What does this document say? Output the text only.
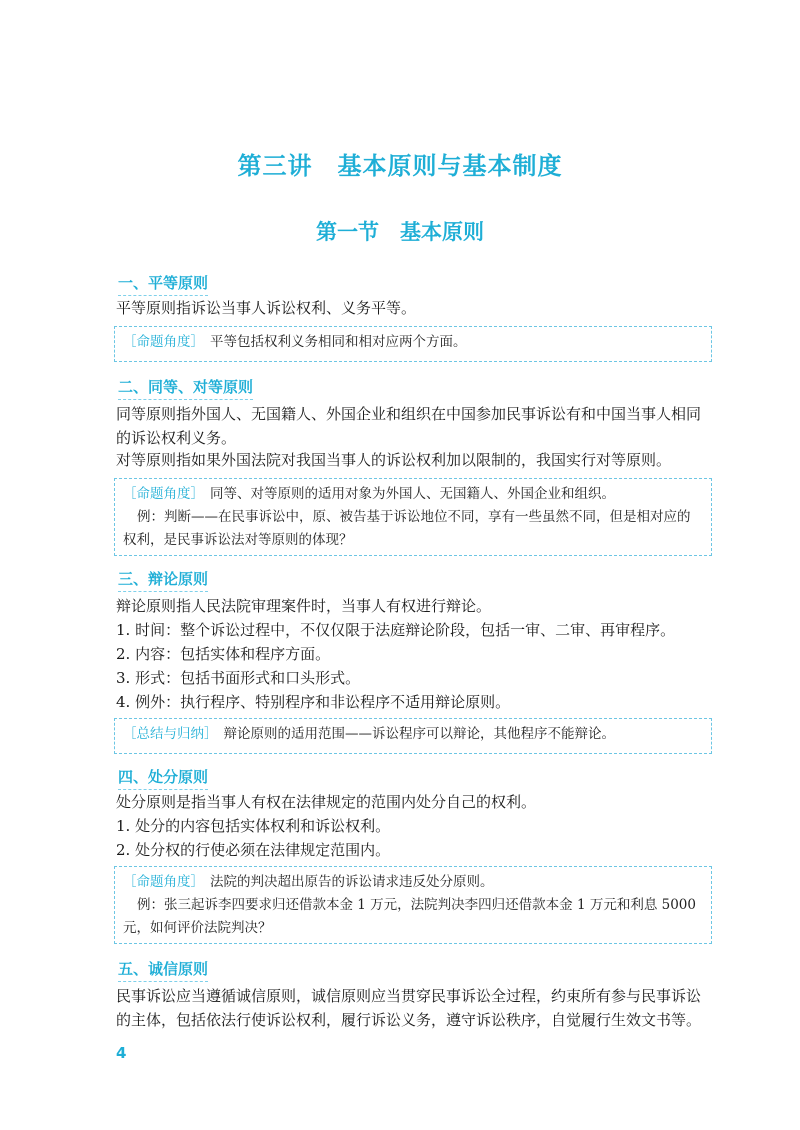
第三讲　基本原则与基本制度
第一节　基本原则
一、平等原则
平等原则指诉讼当事人诉讼权利、义务平等。

［命题角度］ 平等包括权利义务相同和相对应两个方面。

二、同等、对等原则
同等原则指外国人、无国籍人、外国企业和组织在中国参加民事诉讼有和中国当事人相同的诉讼权利义务。
对等原则指如果外国法院对我国当事人的诉讼权利加以限制的，我国实行对等原则。

［命题角度］ 同等、对等原则的适用对象为外国人、无国籍人、外国企业和组织。

例：判断——在民事诉讼中，原、被告基于诉讼地位不同，享有一些虽然不同，但是相对应的权利，是民事诉讼法对等原则的体现？

三、辩论原则
辩论原则指人民法院审理案件时，当事人有权进行辩论。
1. 时间：整个诉讼过程中，不仅仅限于法庭辩论阶段，包括一审、二审、再审程序。
2. 内容：包括实体和程序方面。
3. 形式：包括书面形式和口头形式。
4. 例外：执行程序、特别程序和非讼程序不适用辩论原则。

［总结与归纳］ 辩论原则的适用范围——诉讼程序可以辩论，其他程序不能辩论。

四、处分原则
处分原则是指当事人有权在法律规定的范围内处分自己的权利。
1. 处分的内容包括实体权利和诉讼权利。
2. 处分权的行使必须在法律规定范围内。

［命题角度］ 法院的判决超出原告的诉讼请求违反处分原则。

例：张三起诉李四要求归还借款本金 1 万元，法院判决李四归还借款本金 1 万元和利息 5000 元，如何评价法院判决？

五、诚信原则
民事诉讼应当遵循诚信原则，诚信原则应当贯穿民事诉讼全过程，约束所有参与民事诉讼的主体，包括依法行使诉讼权利，履行诉讼义务，遵守诉讼秩序，自觉履行生效文书等。
4
